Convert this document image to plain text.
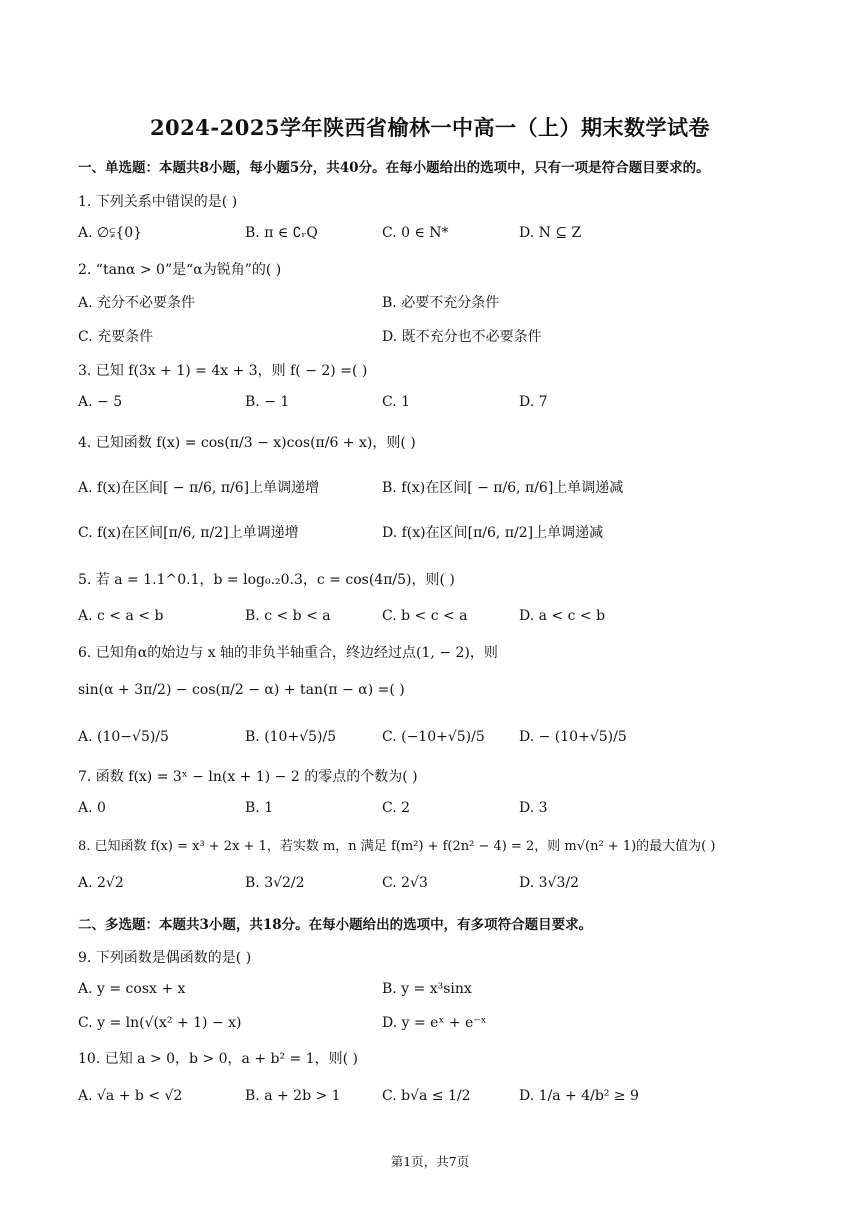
2024-2025学年陕西省榆林一中高一（上）期末数学试卷
一、单选题：本题共8小题，每小题5分，共40分。在每小题给出的选项中，只有一项是符合题目要求的。
1. 下列关系中错误的是( )
A. ∅⫋{0}	B. π ∈ ∁ᵣQ	C. 0 ∈ N*	D. N ⊆ Z
2. “tanα > 0”是“α为锐角”的( )
A. 充分不必要条件	B. 必要不充分条件
C. 充要条件	D. 既不充分也不必要条件
3. 已知 f(3x + 1) = 4x + 3，则 f( − 2) =( )
A. − 5	B. − 1	C. 1	D. 7
4. 已知函数 f(x) = cos(π/3 − x)cos(π/6 + x)，则( )
A. f(x)在区间[ − π/6, π/6]上单调递增	B. f(x)在区间[ − π/6, π/6]上单调递减
C. f(x)在区间[π/6, π/2]上单调递增	D. f(x)在区间[π/6, π/2]上单调递减
5. 若 a = 1.1^0.1，b = log₀.₂0.3，c = cos(4π/5)，则( )
A. c < a < b	B. c < b < a	C. b < c < a	D. a < c < b
6. 已知角α的始边与 x 轴的非负半轴重合，终边经过点(1, − 2)，则
sin(α + 3π/2) − cos(π/2 − α) + tan(π − α) =( )
A. (10−√5)/5	B. (10+√5)/5	C. (−10+√5)/5 D. − (10+√5)/5
7. 函数 f(x) = 3ˣ − ln(x + 1) − 2 的零点的个数为( )
A. 0	B. 1	C. 2	D. 3
8. 已知函数 f(x) = x³ + 2x + 1，若实数 m，n 满足 f(m²) + f(2n² − 4) = 2，则 m√(n² + 1)的最大值为( )
A. 2√2	B. 3√2/2	C. 2√3	D. 3√3/2
二、多选题：本题共3小题，共18分。在每小题给出的选项中，有多项符合题目要求。
9. 下列函数是偶函数的是( )
A. y = cosx + x	B. y = x³sinx
C. y = ln(√(x² + 1) − x)	D. y = eˣ + e⁻ˣ
10. 已知 a > 0，b > 0，a + b² = 1，则( )
A. √a + b < √2	B. a + 2b > 1	C. b√a ≤ 1/2	D. 1/a + 4/b² ≥ 9
第1页，共7页
